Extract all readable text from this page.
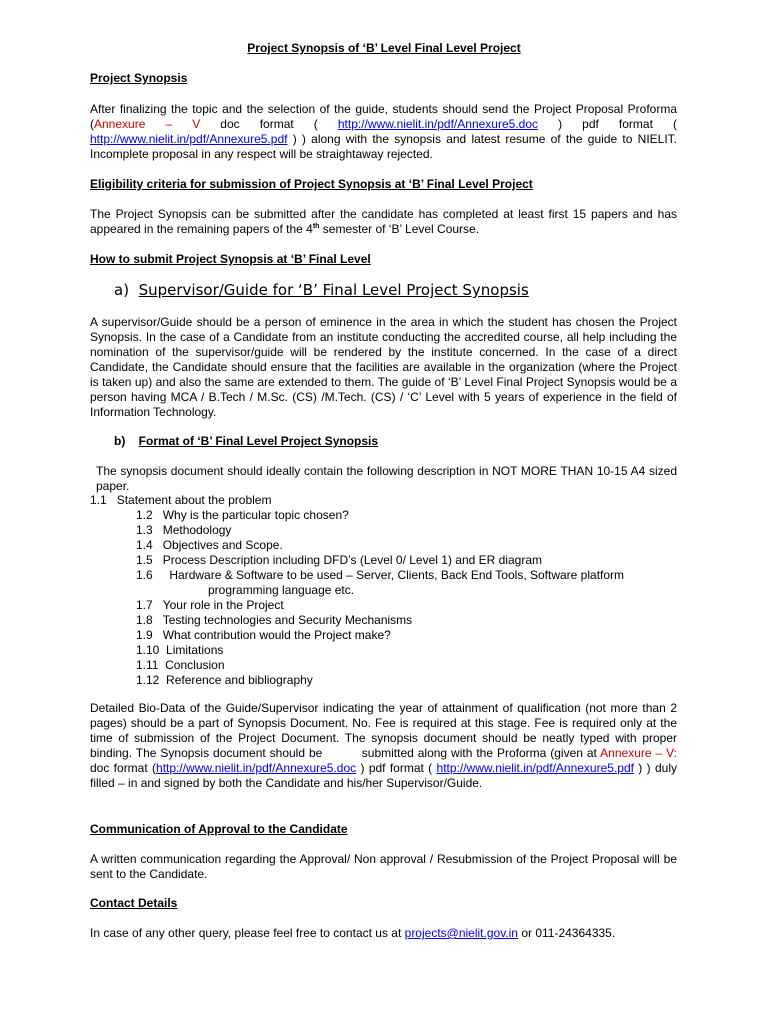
Project Synopsis of ‘B’ Level Final Level Project
Project Synopsis
After finalizing the topic and the selection of the guide, students should send the Project Proposal Proforma (Annexure – V doc format ( http://www.nielit.in/pdf/Annexure5.doc ) pdf format ( http://www.nielit.in/pdf/Annexure5.pdf ) ) along with the synopsis and latest resume of the guide to NIELIT. Incomplete proposal in any respect will be straightaway rejected.
Eligibility criteria for submission of Project Synopsis at ‘B’ Final Level Project
The Project Synopsis can be submitted after the candidate has completed at least first 15 papers and has appeared in the remaining papers of the 4th semester of ‘B’ Level Course.
How to submit Project Synopsis at ‘B’ Final Level
a) Supervisor/Guide for ‘B’ Final Level Project Synopsis
A supervisor/Guide should be a person of eminence in the area in which the student has chosen the Project Synopsis. In the case of a Candidate from an institute conducting the accredited course, all help including the nomination of the supervisor/guide will be rendered by the institute concerned. In the case of a direct Candidate, the Candidate should ensure that the facilities are available in the organization (where the Project is taken up) and also the same are extended to them. The guide of ‘B’ Level Final Project Synopsis would be a person having MCA / B.Tech / M.Sc. (CS) /M.Tech. (CS) / ‘C’ Level with 5 years of experience in the field of Information Technology.
b) Format of ‘B’ Final Level Project Synopsis
The synopsis document should ideally contain the following description in NOT MORE THAN 10-15 A4 sized paper.
1.1 Statement about the problem
1.2 Why is the particular topic chosen?
1.3 Methodology
1.4 Objectives and Scope.
1.5 Process Description including DFD’s (Level 0/ Level 1) and ER diagram
1.6 Hardware & Software to be used – Server, Clients, Back End Tools, Software platform
programming language etc.
1.7 Your role in the Project
1.8 Testing technologies and Security Mechanisms
1.9 What contribution would the Project make?
1.10 Limitations
1.11 Conclusion
1.12 Reference and bibliography
Detailed Bio-Data of the Guide/Supervisor indicating the year of attainment of qualification (not more than 2 pages) should be a part of Synopsis Document. No. Fee is required at this stage. Fee is required only at the time of submission of the Project Document. The synopsis document should be neatly typed with proper binding. The Synopsis document should be          submitted along with the Proforma (given at Annexure – V: doc format (http://www.nielit.in/pdf/Annexure5.doc ) pdf format ( http://www.nielit.in/pdf/Annexure5.pdf ) ) duly filled – in and signed by both the Candidate and his/her Supervisor/Guide.
Communication of Approval to the Candidate
A written communication regarding the Approval/ Non approval / Resubmission of the Project Proposal will be sent to the Candidate.
Contact Details
In case of any other query, please feel free to contact us at projects@nielit.gov.in or 011-24364335.
